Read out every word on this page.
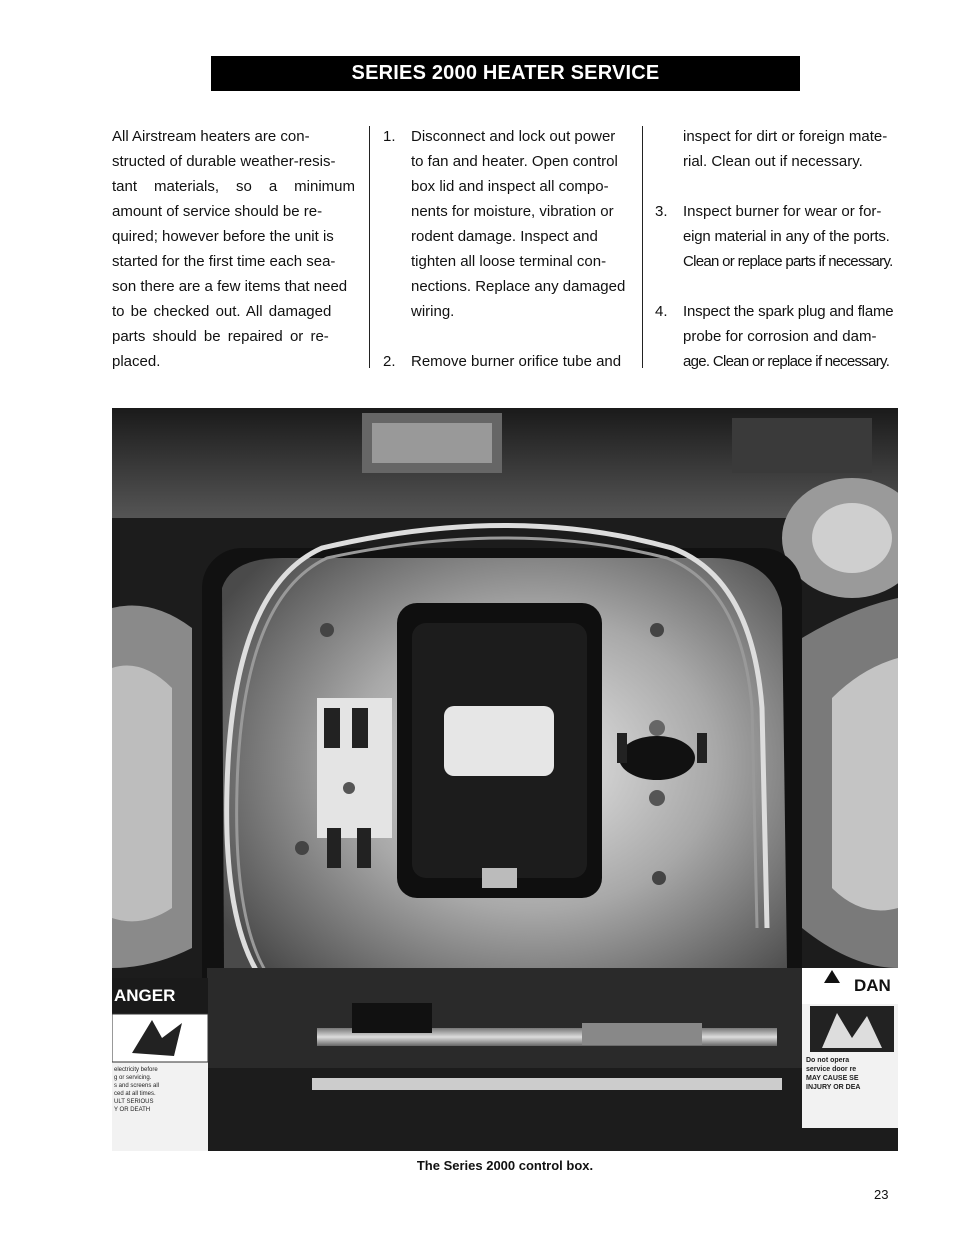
SERIES 2000 HEATER SERVICE

All Airstream heaters are con-

structed of durable weather-resis-

tant materials, so a minimum

amount of service should be re-

quired; however before the unit is

started for the first time each sea-

son there are a few items that need

to be checked out. All damaged

parts should be repaired or re-

placed.

1. Disconnect and lock out power
to fan and heater. Open control
box lid and inspect all compo-
nents for moisture, vibration or
rodent damage. Inspect and
tighten all loose terminal con-
nections. Replace any damaged
wiring.
2. Remove burner orifice tube and
inspect for dirt or foreign mate-
rial. Clean out if necessary.
3. Inspect burner for wear or for-
eign material in any of the ports.
Clean or replace parts if necessary.
4. Inspect the spark plug and flame
probe for corrosion and dam-
age. Clean or replace if necessary.
ANGER
DAN
electricity before
g or servicing.
s and screens all
ced at all times.
ULT SERIOUS
Y OR DEATH
Do not opera
service door re
MAY CAUSE SE
INJURY OR DEA
The Series 2000 control box.
23
